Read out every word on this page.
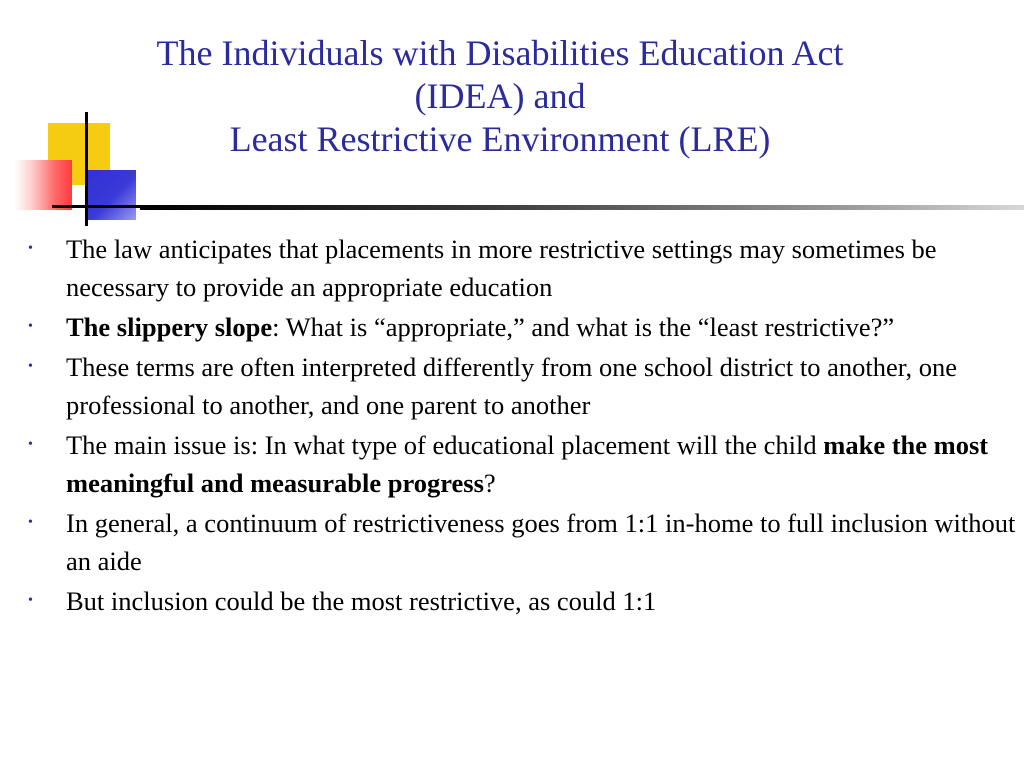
The Individuals with Disabilities Education Act
(IDEA) and
Least Restrictive Environment (LRE)
• The law anticipates that placements in more restrictive settings may sometimes be necessary to provide an appropriate education
• The slippery slope: What is “appropriate,” and what is the “least restrictive?”
• These terms are often interpreted differently from one school district to another, one professional to another, and one parent to another
• The main issue is: In what type of educational placement will the child make the most meaningful and measurable progress?
• In general, a continuum of restrictiveness goes from 1:1 in-home to full inclusion without an aide
• But inclusion could be the most restrictive, as could 1:1
